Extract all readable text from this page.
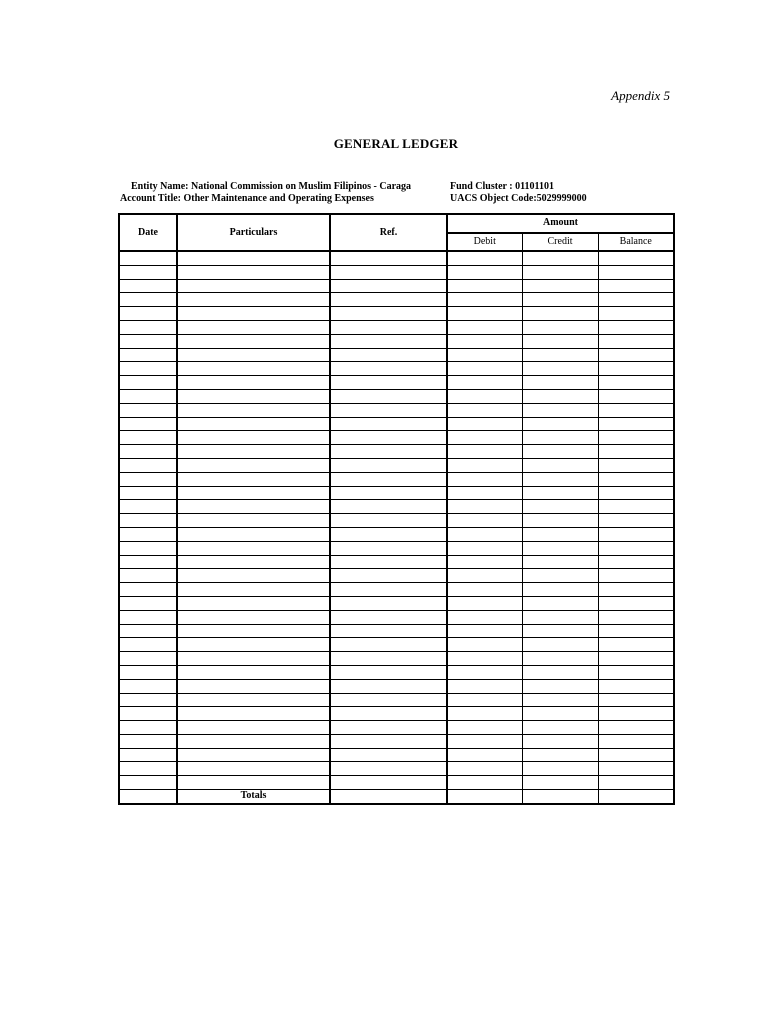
Appendix 5
GENERAL LEDGER
Entity Name: National Commission on Muslim Filipinos - Caraga	Fund Cluster : 01101101
Account Title: Other Maintenance and Operating Expenses	UACS Object Code:5029999000
Date	Particulars	Ref.	Amount		
			Debit	Credit	Balance

	Totals				
